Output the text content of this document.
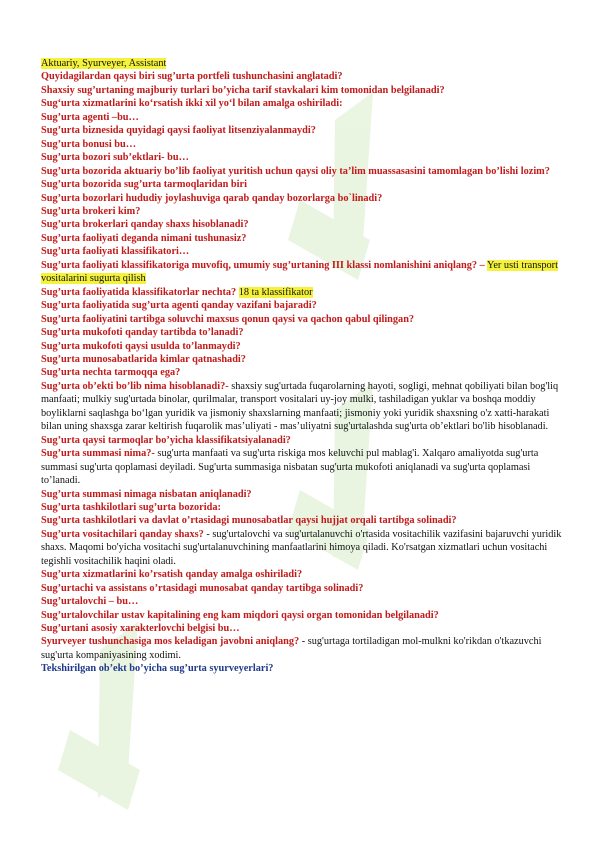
Aktuariy, Syurveyer, Assistant
Quyidagilardan qaysi biri sug’urta portfeli tushunchasini anglatadi?
Shaxsiy sug’urtaning majburiy turlari bo’yicha tarif stavkalari kim tomonidan belgilanadi?
Sug‘urta xizmatlarini ko‘rsatish ikki xil yo‘l bilan amalga oshiriladi:
Sug’urta agenti –bu…
Sug’urta biznesida quyidagi qaysi faoliyat litsenziyalanmaydi?
Sug’urta bonusi bu…
Sug’urta bozori sub’ektlari- bu…
Sug’urta bozorida aktuariy bo’lib faoliyat yuritish uchun qaysi oliy ta’lim muassasasini tamomlagan bo’lishi lozim?
Sug’urta bozorida sug’urta tarmoqlaridan biri
Sug’urta bozorlari hududiy joylashuviga qarab qanday bozorlarga bo`linadi?
Sug’urta brokeri kim?
Sug’urta brokerlari qanday shaxs hisoblanadi?
Sug’urta faoliyati deganda nimani tushunasiz?
Sug’urta faoliyati klassifikatori…
Sug’urta faoliyati klassifikatoriga muvofiq, umumiy sug’urtaning III klassi nomlanishini aniqlang? – Yer usti transport vositalarini sugurta qilish
Sug’urta faoliyatida klassifikatorlar nechta? 18 ta klassifikator
Sug’urta faoliyatida sug’urta agenti qanday vazifani bajaradi?
Sug’urta faoliyatini tartibga soluvchi maxsus qonun qaysi va qachon qabul qilingan?
Sug’urta mukofoti qanday tartibda to’lanadi?
Sug’urta mukofoti qaysi usulda to’lanmaydi?
Sug’urta munosabatlarida kimlar qatnashadi?
Sug’urta nechta tarmoqqa ega?
Sug’urta ob’ekti bo’lib nima hisoblanadi?- shaxsiy sug'urtada fuqarolarning hayoti, sogligi, mehnat qobiliyati bilan bog'liq manfaati; mulkiy sug'urtada binolar, qurilmalar, transport vositalari uy-joy mulki, tashiladigan yuklar va boshqa moddiy boyliklarni saqlashga bo‘lgan yuridik va jismoniy shaxslarning manfaati; jismoniy yoki yuridik shaxsning o'z xatti-harakati bilan uning shaxsga zarar keltirish fuqarolik mas’uliyati - mas’uliyatni sug'urtalashda sug'urta ob’ektlari bo'lib hisoblanadi.
Sug’urta qaysi tarmoqlar bo’yicha klassifikatsiyalanadi?
Sug’urta summasi nima?- sug'urta manfaati va sug'urta riskiga mos keluvchi pul mablag'i. Xalqaro amaliyotda sug'urta summasi sug'urta qoplamasi deyiladi. Sug'urta summasiga nisbatan sug'urta mukofoti aniqlanadi va sug'urta qoplamasi to’lanadi.
Sug’urta summasi nimaga nisbatan aniqlanadi?
Sug’urta tashkilotlari sug’urta bozorida:
Sug’urta tashkilotlari va davlat o’rtasidagi munosabatlar qaysi hujjat orqali tartibga solinadi?
Sug’urta vositachilari qanday shaxs? - sug'urtalovchi va sug'urtalanuvchi o'rtasida vositachilik vazifasini bajaruvchi yuridik shaxs. Maqomi bo'yicha vositachi sug'urtalanuvchining manfaatlarini himoya qiladi. Ko'rsatgan xizmatlari uchun vositachi tegishli vositachilik haqini oladi.
Sug’urta xizmatlarini ko’rsatish qanday amalga oshiriladi?
Sug’urtachi va assistans o’rtasidagi munosabat qanday tartibga solinadi?
Sug’urtalovchi – bu…
Sug’urtalovchilar ustav kapitalining eng kam miqdori qaysi organ tomonidan belgilanadi?
Sug’urtani asosiy xarakterlovchi belgisi bu…
Syurveyer tushunchasiga mos keladigan javobni aniqlang? - sug'urtaga tortiladigan mol-mulkni ko'rikdan o'tkazuvchi sug'urta kompaniyasining xodimi.
Tekshirilgan ob’ekt bo’yicha sug’urta syurveyerlari?
